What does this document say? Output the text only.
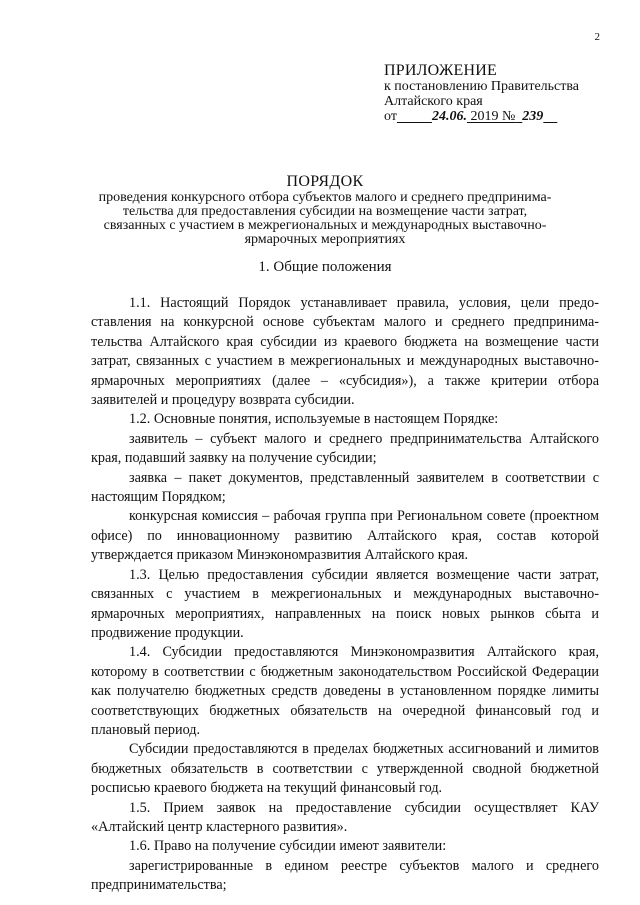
2
ПРИЛОЖЕНИЕ
к постановлению Правительства
Алтайского края
от	24.06. 2019 № 239
ПОРЯДОК
проведения конкурсного отбора субъектов малого и среднего предпринима-
тельства для предоставления субсидии на возмещение части затрат,
связанных с участием в межрегиональных и международных выставочно-
ярмарочных мероприятиях
1. Общие положения

1.1. Настоящий Порядок устанавливает правила, условия, цели предоставления на конкурсной основе субъектам малого и среднего предпринимательства Алтайского края субсидии из краевого бюджета на возмещение части затрат, связанных с участием в межрегиональных и международных выставочно-ярмарочных мероприятиях (далее – «субсидия»), а также критерии отбора заявителей и процедуру возврата субсидии.

1.2. Основные понятия, используемые в настоящем Порядке:

заявитель – субъект малого и среднего предпринимательства Алтайского края, подавший заявку на получение субсидии;

заявка – пакет документов, представленный заявителем в соответствии с настоящим Порядком;

конкурсная комиссия – рабочая группа при Региональном совете (проектном офисе) по инновационному развитию Алтайского края, состав которой утверждается приказом Минэкономразвития Алтайского края.

1.3. Целью предоставления субсидии является возмещение части затрат, связанных с участием в межрегиональных и международных выставочно-ярмарочных мероприятиях, направленных на поиск новых рынков сбыта и продвижение продукции.

1.4. Субсидии предоставляются Минэкономразвития Алтайского края, которому в соответствии с бюджетным законодательством Российской Федерации как получателю бюджетных средств доведены в установленном порядке лимиты соответствующих бюджетных обязательств на очередной финансовый год и плановый период.

Субсидии предоставляются в пределах бюджетных ассигнований и лимитов бюджетных обязательств в соответствии с утвержденной сводной бюджетной росписью краевого бюджета на текущий финансовый год.

1.5. Прием заявок на предоставление субсидии осуществляет КАУ «Алтайский центр кластерного развития».

1.6. Право на получение субсидии имеют заявители:

зарегистрированные в едином реестре субъектов малого и среднего предпринимательства;
